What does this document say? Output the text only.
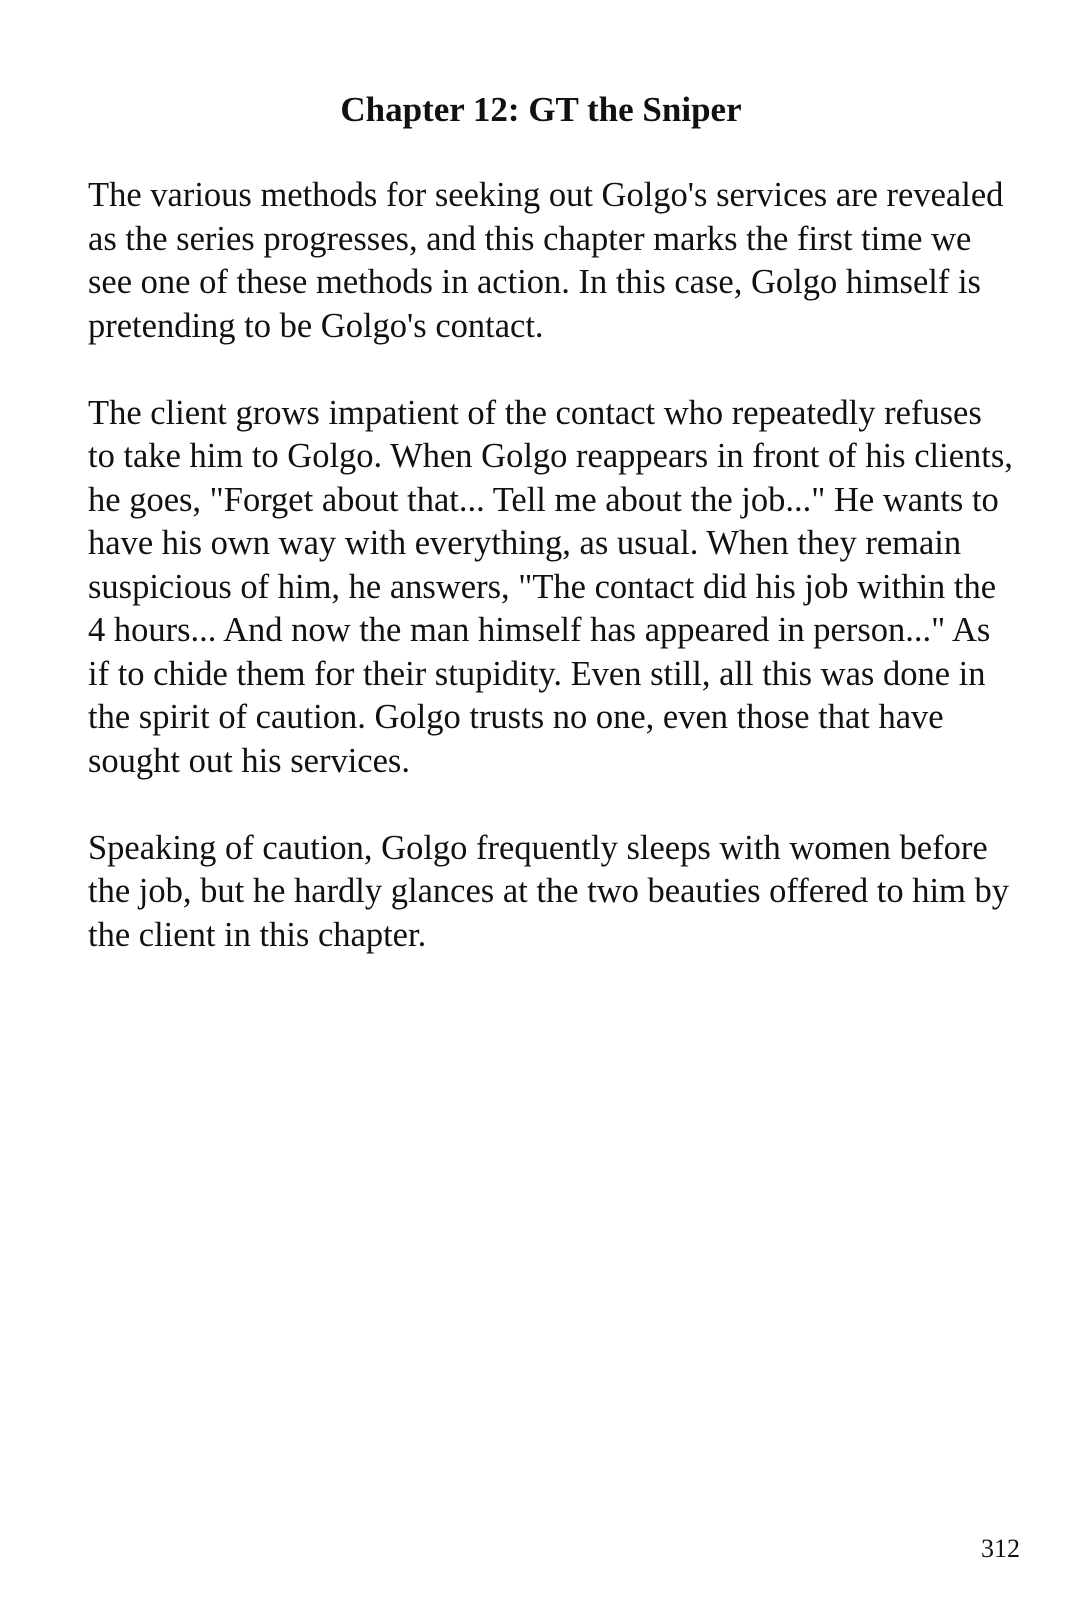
Chapter 12: GT the Sniper

The various methods for seeking out Golgo's services are revealed as the series progresses, and this chapter marks the first time we see one of these methods in action. In this case, Golgo himself is pretending to be Golgo's contact.

The client grows impatient of the contact who repeatedly refuses to take him to Golgo. When Golgo reappears in front of his clients, he goes, "Forget about that... Tell me about the job..." He wants to have his own way with everything, as usual. When they remain suspicious of him, he answers, "The contact did his job within the 4 hours... And now the man himself has appeared in person..." As if to chide them for their stupidity. Even still, all this was done in the spirit of caution. Golgo trusts no one, even those that have sought out his services.

Speaking of caution, Golgo frequently sleeps with women before the job, but he hardly glances at the two beauties offered to him by the client in this chapter.

312
